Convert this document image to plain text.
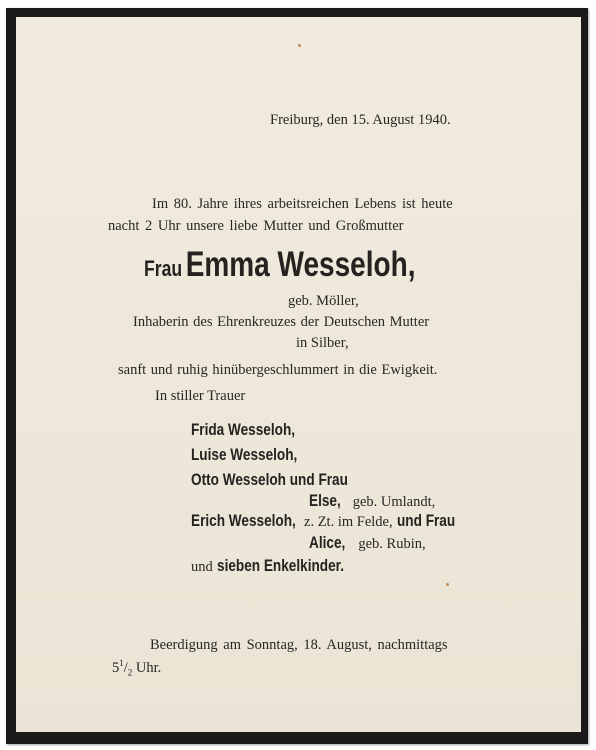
Freiburg, den 15. August 1940.
Im 80. Jahre ihres arbeitsreichen Lebens ist heute
nacht 2 Uhr unsere liebe Mutter und Großmutter
Frau Emma Wesseloh,
geb. Möller,
Inhaberin des Ehrenkreuzes der Deutschen Mutter
in Silber,
sanft und ruhig hinübergeschlummert in die Ewigkeit.
In stiller Trauer
Frida Wesseloh,
Luise Wesseloh,
Otto Wesseloh und Frau
Else, geb. Umlandt,
Erich Wesseloh, z. Zt. im Felde, und Frau
Alice, geb. Rubin,
und sieben Enkelkinder.
Beerdigung am Sonntag, 18. August, nachmittags
$5^1/_2$ Uhr.
